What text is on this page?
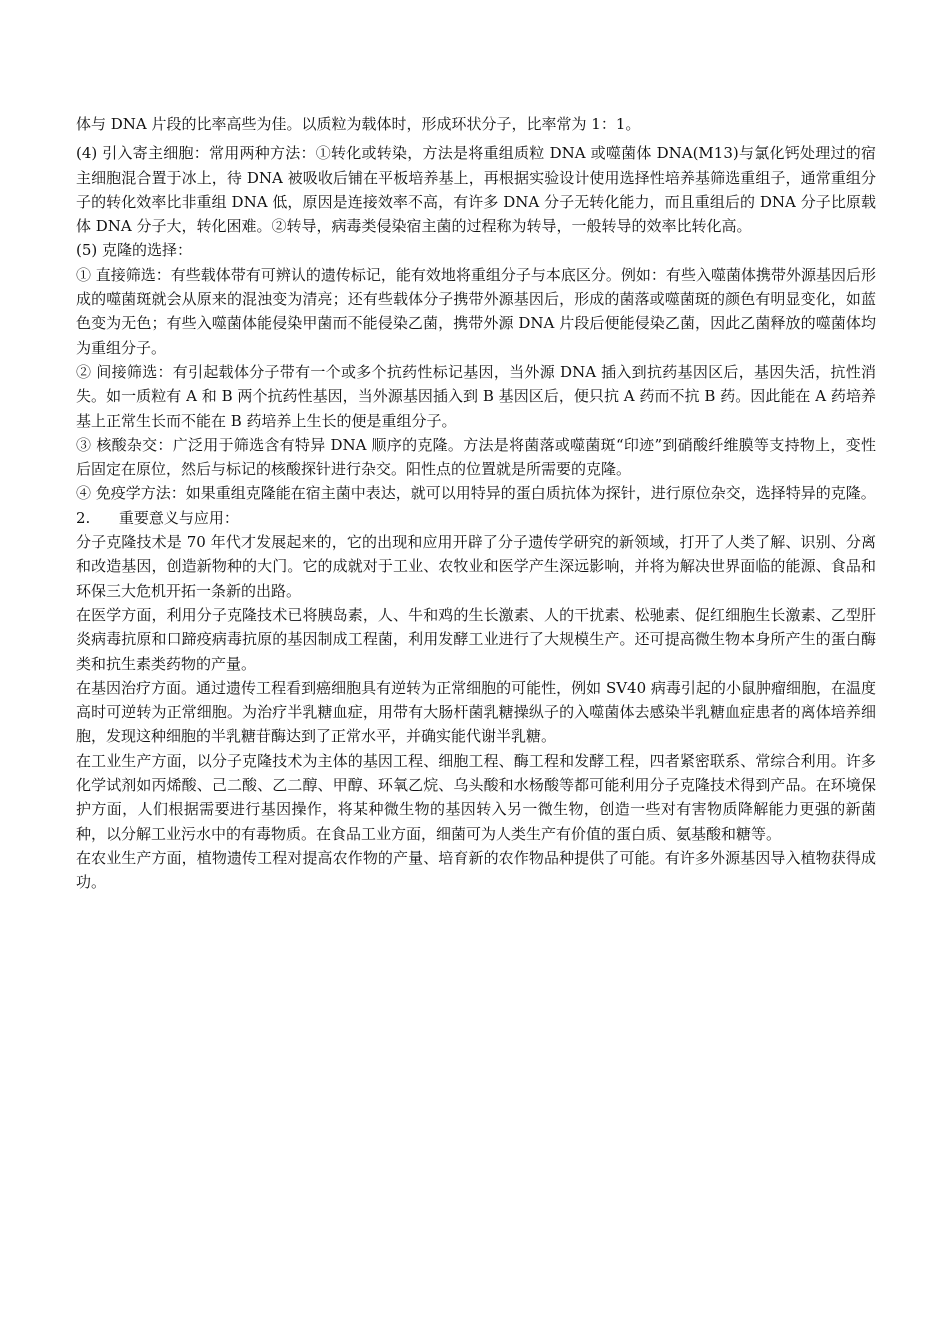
体与 DNA 片段的比率高些为佳。以质粒为载体时，形成环状分子，比率常为 1：1。

(4) 引入寄主细胞：常用两种方法：①转化或转染，方法是将重组质粒 DNA 或噬菌体 DNA(M13)与氯化钙处理过的宿主细胞混合置于冰上，待 DNA 被吸收后铺在平板培养基上，再根据实验设计使用选择性培养基筛选重组子，通常重组分子的转化效率比非重组 DNA 低，原因是连接效率不高，有许多 DNA 分子无转化能力，而且重组后的 DNA 分子比原载体 DNA 分子大，转化困难。②转导，病毒类侵染宿主菌的过程称为转导，一般转导的效率比转化高。

(5) 克隆的选择：

① 直接筛选：有些载体带有可辨认的遗传标记，能有效地将重组分子与本底区分。例如：有些入噬菌体携带外源基因后形成的噬菌斑就会从原来的混浊变为清亮；还有些载体分子携带外源基因后，形成的菌落或噬菌斑的颜色有明显变化，如蓝色变为无色；有些入噬菌体能侵染甲菌而不能侵染乙菌，携带外源 DNA 片段后便能侵染乙菌，因此乙菌释放的噬菌体均为重组分子。

② 间接筛选：有引起载体分子带有一个或多个抗药性标记基因，当外源 DNA 插入到抗药基因区后，基因失活，抗性消失。如一质粒有 A 和 B 两个抗药性基因，当外源基因插入到 B 基因区后，便只抗 A 药而不抗 B 药。因此能在 A 药培养基上正常生长而不能在 B 药培养上生长的便是重组分子。

③ 核酸杂交：广泛用于筛选含有特异 DNA 顺序的克隆。方法是将菌落或噬菌斑“印迹”到硝酸纤维膜等支持物上，变性后固定在原位，然后与标记的核酸探针进行杂交。阳性点的位置就是所需要的克隆。

④ 免疫学方法：如果重组克隆能在宿主菌中表达，就可以用特异的蛋白质抗体为探针，进行原位杂交，选择特异的克隆。

2.      重要意义与应用：

分子克隆技术是 70 年代才发展起来的，它的出现和应用开辟了分子遗传学研究的新领域，打开了人类了解、识别、分离和改造基因，创造新物种的大门。它的成就对于工业、农牧业和医学产生深远影响，并将为解决世界面临的能源、食品和环保三大危机开拓一条新的出路。

在医学方面，利用分子克隆技术已将胰岛素，人、牛和鸡的生长激素、人的干扰素、松驰素、促红细胞生长激素、乙型肝炎病毒抗原和口蹄疫病毒抗原的基因制成工程菌，利用发酵工业进行了大规模生产。还可提高微生物本身所产生的蛋白酶类和抗生素类药物的产量。

在基因治疗方面。通过遗传工程看到癌细胞具有逆转为正常细胞的可能性，例如 SV40 病毒引起的小鼠肿瘤细胞，在温度高时可逆转为正常细胞。为治疗半乳糖血症，用带有大肠杆菌乳糖操纵子的入噬菌体去感染半乳糖血症患者的离体培养细胞，发现这种细胞的半乳糖苷酶达到了正常水平，并确实能代谢半乳糖。

在工业生产方面，以分子克隆技术为主体的基因工程、细胞工程、酶工程和发酵工程，四者紧密联系、常综合利用。许多化学试剂如丙烯酸、己二酸、乙二醇、甲醇、环氧乙烷、乌头酸和水杨酸等都可能利用分子克隆技术得到产品。在环境保护方面，人们根据需要进行基因操作，将某种微生物的基因转入另一微生物，创造一些对有害物质降解能力更强的新菌种，以分解工业污水中的有毒物质。在食品工业方面，细菌可为人类生产有价值的蛋白质、氨基酸和糖等。

在农业生产方面，植物遗传工程对提高农作物的产量、培育新的农作物品种提供了可能。有许多外源基因导入植物获得成功。
